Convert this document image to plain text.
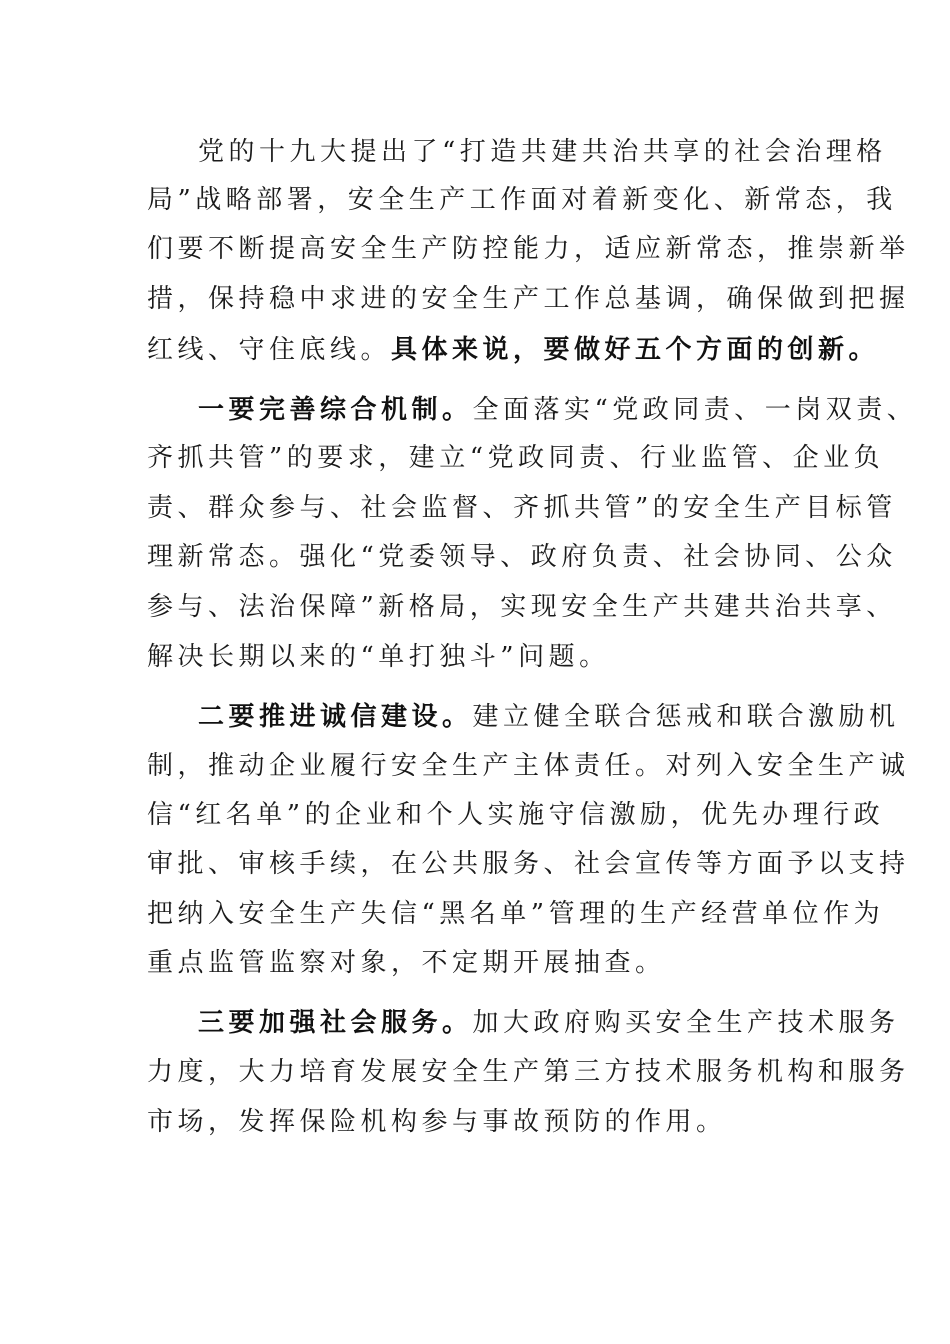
党的十九大提出了“打造共建共治共享的社会治理格
局”战略部署，安全生产工作面对着新变化、新常态，我
们要不断提高安全生产防控能力，适应新常态，推崇新举
措，保持稳中求进的安全生产工作总基调，确保做到把握
红线、守住底线。具体来说，要做好五个方面的创新。
一要完善综合机制。全面落实“党政同责、一岗双责、
齐抓共管”的要求，建立“党政同责、行业监管、企业负
责、群众参与、社会监督、齐抓共管”的安全生产目标管
理新常态。强化“党委领导、政府负责、社会协同、公众
参与、法治保障”新格局，实现安全生产共建共治共享、
解决长期以来的“单打独斗”问题。
二要推进诚信建设。建立健全联合惩戒和联合激励机
制，推动企业履行安全生产主体责任。对列入安全生产诚
信“红名单”的企业和个人实施守信激励，优先办理行政
审批、审核手续，在公共服务、社会宣传等方面予以支持
把纳入安全生产失信“黑名单”管理的生产经营单位作为
重点监管监察对象，不定期开展抽查。
三要加强社会服务。加大政府购买安全生产技术服务
力度，大力培育发展安全生产第三方技术服务机构和服务
市场，发挥保险机构参与事故预防的作用。
